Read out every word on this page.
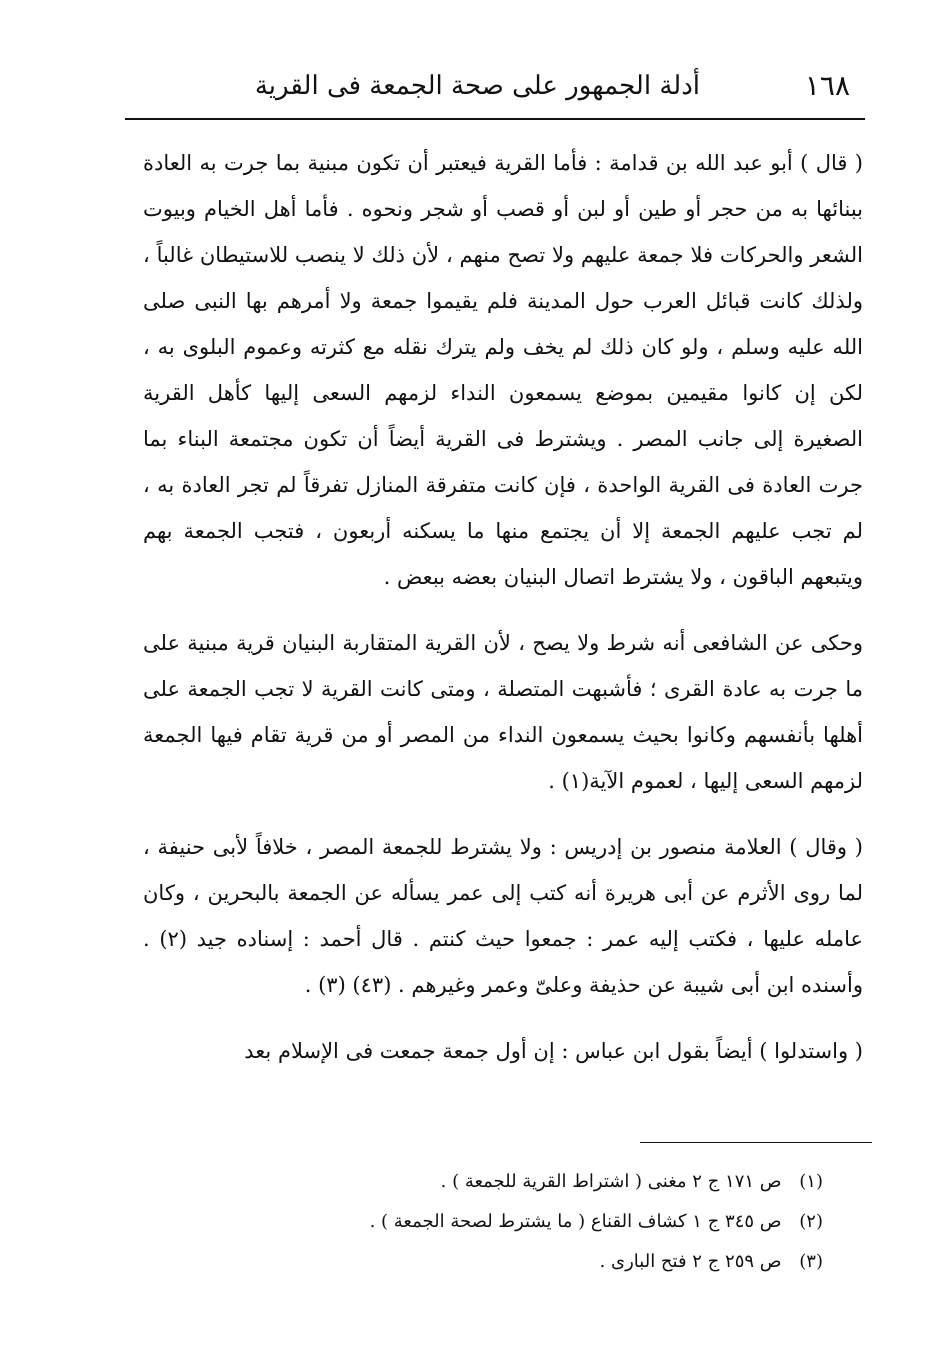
١٦٨
أدلة الجمهور على صحة الجمعة فى القرية

( قال ) أبو عبد الله بن قدامة : فأما القرية فيعتبر أن تكون مبنية بما جرت به العادة ببنائها به من حجر أو طين أو لبن أو قصب أو شجر ونحوه . فأما أهل الخيام وبيوت الشعر والحركات فلا جمعة عليهم ولا تصح منهم ، لأن ذلك لا ينصب للاستيطان غالباً ، ولذلك كانت قبائل العرب حول المدينة فلم يقيموا جمعة ولا أمرهم بها النبى صلى الله عليه وسلم ، ولو كان ذلك لم يخف ولم يترك نقله مع كثرته وعموم البلوى به ، لكن إن كانوا مقيمين بموضع يسمعون النداء لزمهم السعى إليها كأهل القرية الصغيرة إلى جانب المصر . ويشترط فى القرية أيضاً أن تكون مجتمعة البناء بما جرت العادة فى القرية الواحدة ، فإن كانت متفرقة المنازل تفرقاً لم تجر العادة به ، لم تجب عليهم الجمعة إلا أن يجتمع منها ما يسكنه أربعون ، فتجب الجمعة بهم ويتبعهم الباقون ، ولا يشترط اتصال البنيان بعضه ببعض .

وحكى عن الشافعى أنه شرط ولا يصح ، لأن القرية المتقاربة البنيان قرية مبنية على ما جرت به عادة القرى ؛ فأشبهت المتصلة ، ومتى كانت القرية لا تجب الجمعة على أهلها بأنفسهم وكانوا بحيث يسمعون النداء من المصر أو من قرية تقام فيها الجمعة لزمهم السعى إليها ، لعموم الآية(١) .

( وقال ) العلامة منصور بن إدريس : ولا يشترط للجمعة المصر ، خلافاً لأبى حنيفة ، لما روى الأثرم عن أبى هريرة أنه كتب إلى عمر يسأله عن الجمعة بالبحرين ، وكان عامله عليها ، فكتب إليه عمر : جمعوا حيث كنتم . قال أحمد : إسناده جيد (٢) . وأسنده ابن أبى شيبة عن حذيفة وعلىّ وعمر وغيرهم . (٤٣) (٣) .

( واستدلوا ) أيضاً بقول ابن عباس : إن أول جمعة جمعت فى الإسلام بعد

(١) ص ١٧١ ج ٢ مغنى ( اشتراط القرية للجمعة ) .

(٢) ص ٣٤٥ ج ١ كشاف القناع ( ما يشترط لصحة الجمعة ) .

(٣) ص ٢٥٩ ج ٢ فتح البارى .
